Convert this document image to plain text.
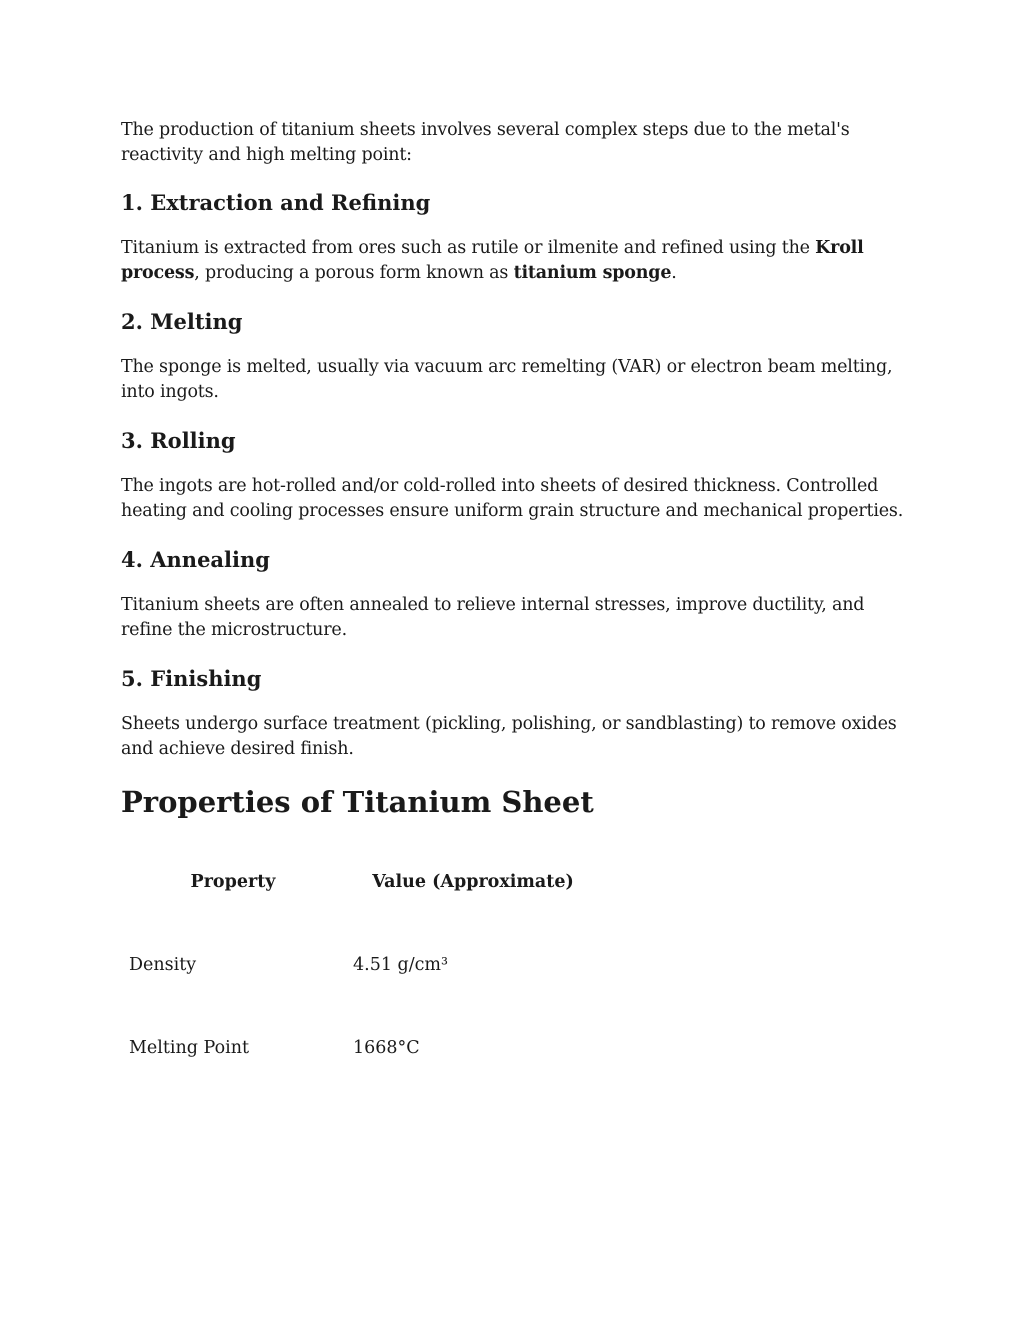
The production of titanium sheets involves several complex steps due to the metal's reactivity and high melting point:

1. Extraction and Refining

Titanium is extracted from ores such as rutile or ilmenite and refined using the Kroll process, producing a porous form known as titanium sponge.

2. Melting

The sponge is melted, usually via vacuum arc remelting (VAR) or electron beam melting, into ingots.

3. Rolling

The ingots are hot-rolled and/or cold-rolled into sheets of desired thickness. Controlled heating and cooling processes ensure uniform grain structure and mechanical properties.

4. Annealing

Titanium sheets are often annealed to relieve internal stresses, improve ductility, and refine the microstructure.

5. Finishing

Sheets undergo surface treatment (pickling, polishing, or sandblasting) to remove oxides and achieve desired finish.

Properties of Titanium Sheet
Property	Value (Approximate)

Density	4.51 g/cm³

Melting Point	1668°C
